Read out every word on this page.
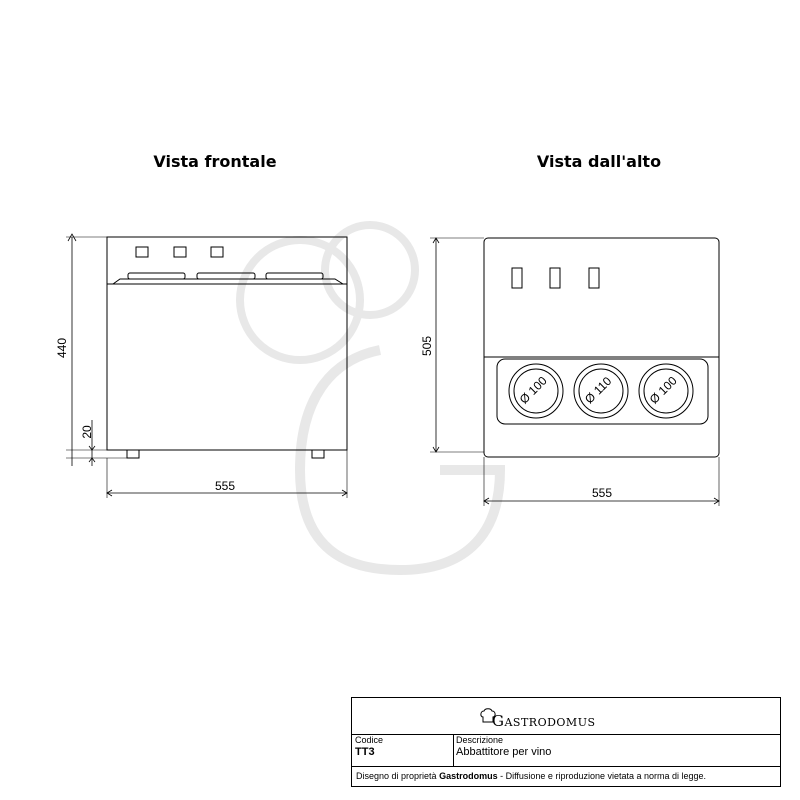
Vista frontale	Vista dall'alto
440
20
555
505
555
Ø 100	Ø 110	Ø 100
Gastrodomus
Codice
TT3
Descrizione
Abbattitore per vino
Disegno di proprietà Gastrodomus - Diffusione e riproduzione vietata a norma di legge.
